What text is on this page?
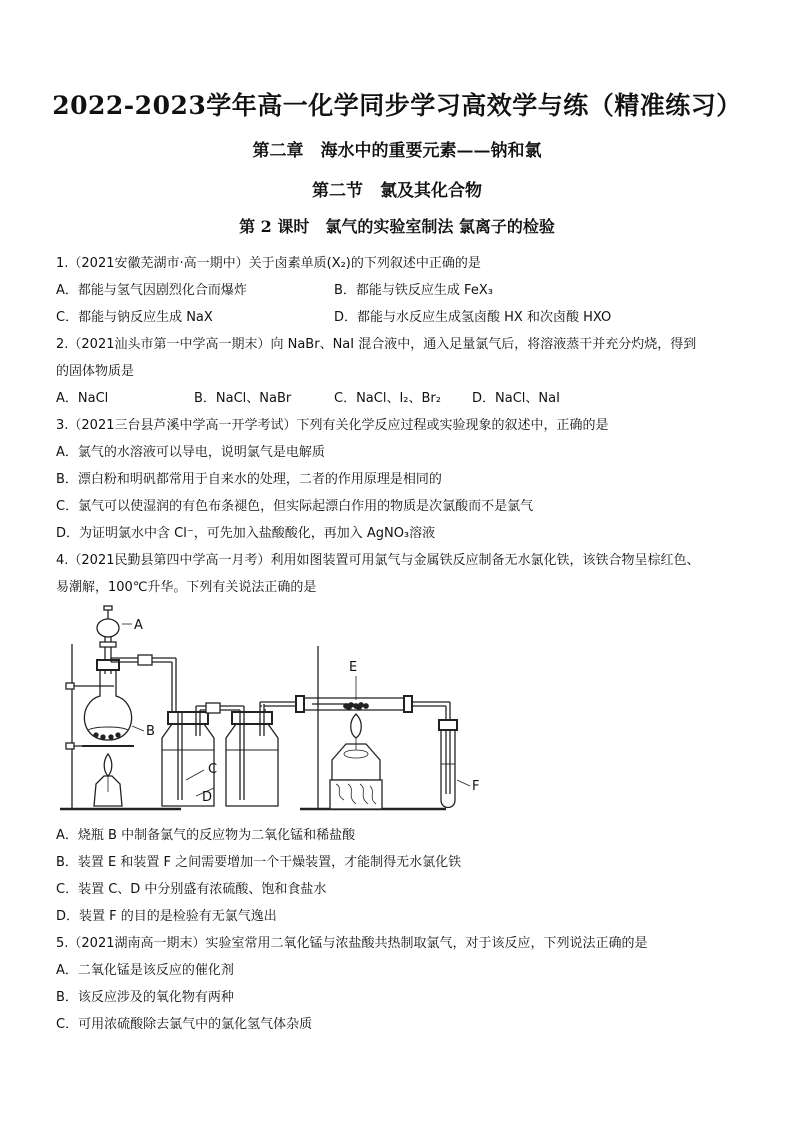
2022-2023学年高一化学同步学习高效学与练（精准练习）
第二章　海水中的重要元素——钠和氯
第二节　氯及其化合物
第 2 课时　氯气的实验室制法 氯离子的检验
1.（2021安徽芜湖市·高一期中）关于卤素单质(X₂)的下列叙述中正确的是
A．都能与氢气因剧烈化合而爆炸	B．都能与铁反应生成 FeX₃
C．都能与钠反应生成 NaX	D．都能与水反应生成氢卤酸 HX 和次卤酸 HXO
2.（2021汕头市第一中学高一期末）向 NaBr、NaI 混合液中，通入足量氯气后，将溶液蒸干并充分灼烧，得到
的固体物质是
A．NaCl	B．NaCl、NaBr	C．NaCl、I₂、Br₂	D．NaCl、NaI
3.（2021三台县芦溪中学高一开学考试）下列有关化学反应过程或实验现象的叙述中，正确的是
A．氯气的水溶液可以导电，说明氯气是电解质
B．漂白粉和明矾都常用于自来水的处理，二者的作用原理是相同的
C．氯气可以使湿润的有色布条褪色，但实际起漂白作用的物质是次氯酸而不是氯气
D．为证明氯水中含 Cl⁻，可先加入盐酸酸化，再加入 AgNO₃溶液
4.（2021民勤县第四中学高一月考）利用如图装置可用氯气与金属铁反应制备无水氯化铁，该铁合物呈棕红色、
易潮解，100℃升华。下列有关说法正确的是
A
B
C
D
E
F
A．烧瓶 B 中制备氯气的反应物为二氧化锰和稀盐酸
B．装置 E 和装置 F 之间需要增加一个干燥装置，才能制得无水氯化铁
C．装置 C、D 中分别盛有浓硫酸、饱和食盐水
D．装置 F 的目的是检验有无氯气逸出
5.（2021湖南高一期末）实验室常用二氧化锰与浓盐酸共热制取氯气，对于该反应，下列说法正确的是
A．二氧化锰是该反应的催化剂
B．该反应涉及的氧化物有两种
C．可用浓硫酸除去氯气中的氯化氢气体杂质
